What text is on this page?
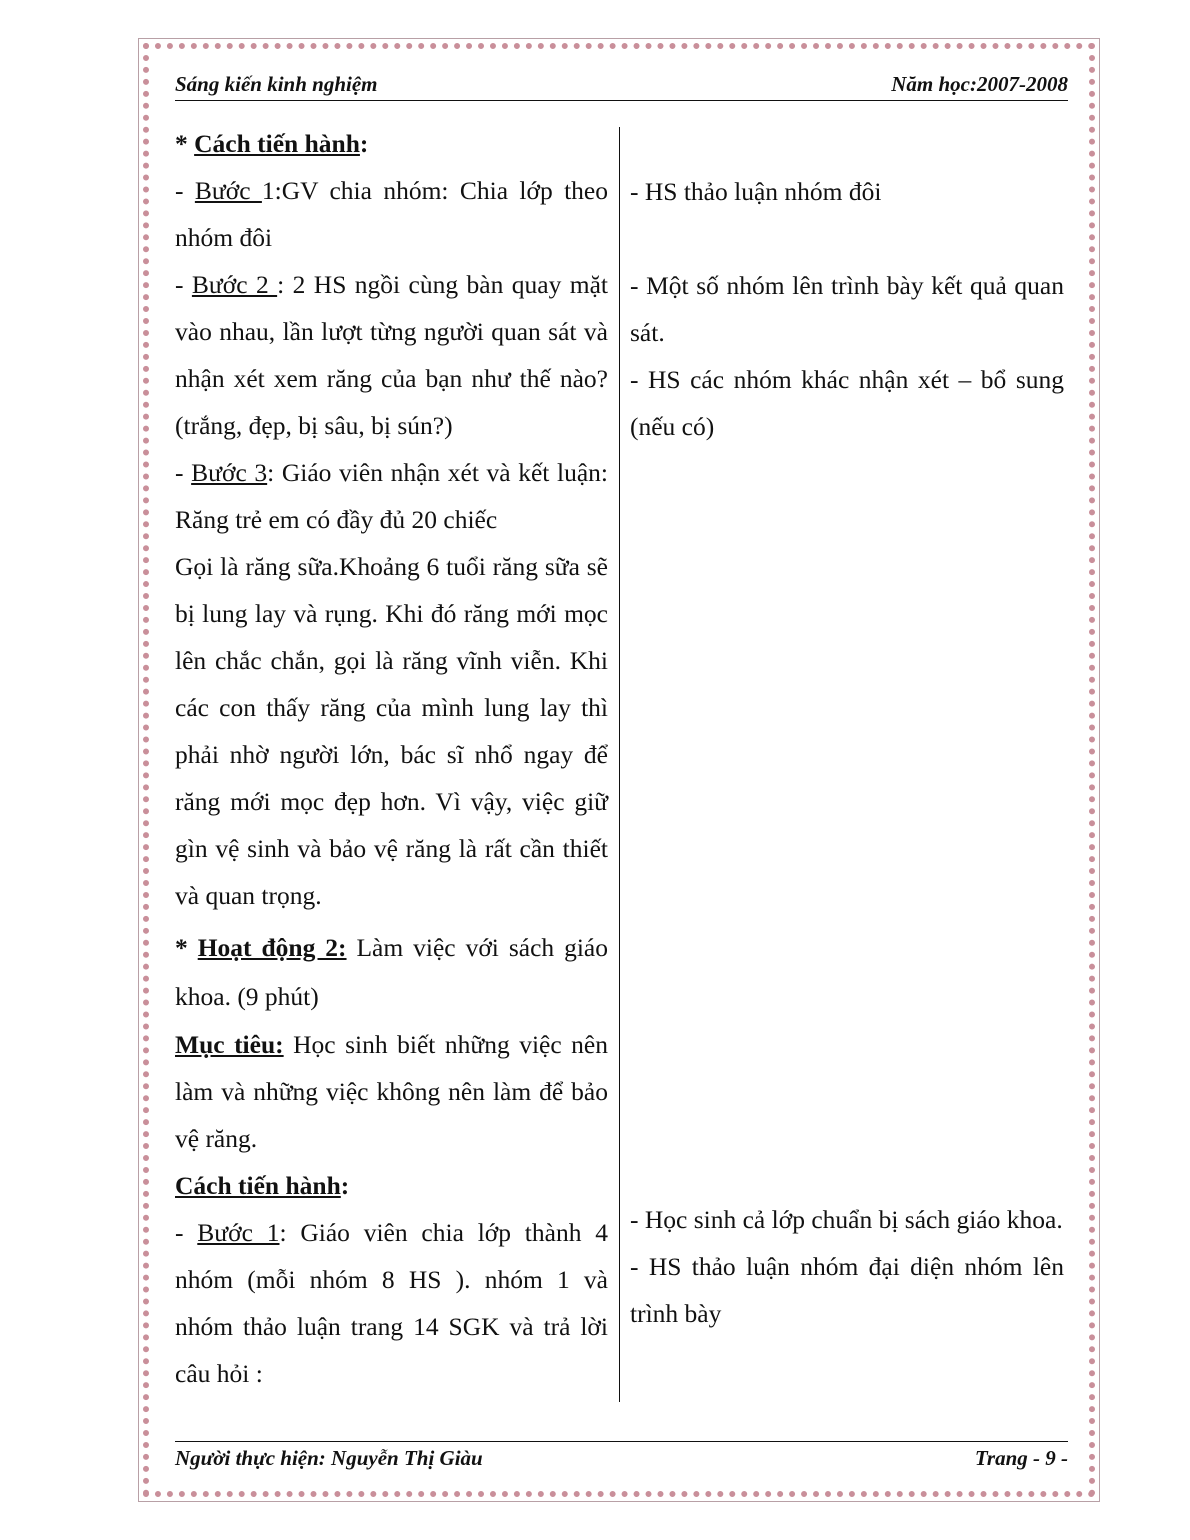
Sáng kiến kinh nghiệm	Năm học:2007-2008

* Cách tiến hành:

- Bước 1:GV chia nhóm: Chia lớp theo nhóm đôi

- Bước 2 : 2 HS ngồi cùng bàn quay mặt vào nhau, lần lượt từng người quan sát và nhận xét xem răng của bạn như thế nào? (trắng, đẹp, bị sâu, bị sún?)

- Bước 3: Giáo viên nhận xét và kết luận: Răng trẻ em có đầy đủ 20 chiếc

Gọi là răng sữa.Khoảng 6 tuổi răng sữa sẽ bị lung lay và rụng. Khi đó răng mới mọc lên chắc chắn, gọi là răng vĩnh viễn. Khi các con thấy răng của mình lung lay thì phải nhờ người lớn, bác sĩ nhổ ngay để răng mới mọc đẹp hơn. Vì vậy, việc giữ gìn vệ sinh và bảo vệ răng là rất cần thiết và quan trọng.

* Hoạt động 2: Làm việc với sách giáo khoa. (9 phút)

Mục tiêu: Học sinh biết những việc nên làm và những việc không nên làm để bảo vệ răng.

Cách tiến hành:

- Bước 1: Giáo viên chia lớp thành 4 nhóm (mỗi nhóm 8 HS ). nhóm 1 và nhóm thảo luận trang 14 SGK và trả lời câu hỏi :

- HS thảo luận nhóm đôi

- Một số nhóm lên trình bày kết quả quan sát.

- HS các nhóm khác nhận xét – bổ sung (nếu có)

- Học sinh cả lớp chuẩn bị sách giáo khoa.

- HS thảo luận nhóm đại diện nhóm lên trình bày

Người thực hiện: Nguyễn Thị Giàu	Trang - 9 -
